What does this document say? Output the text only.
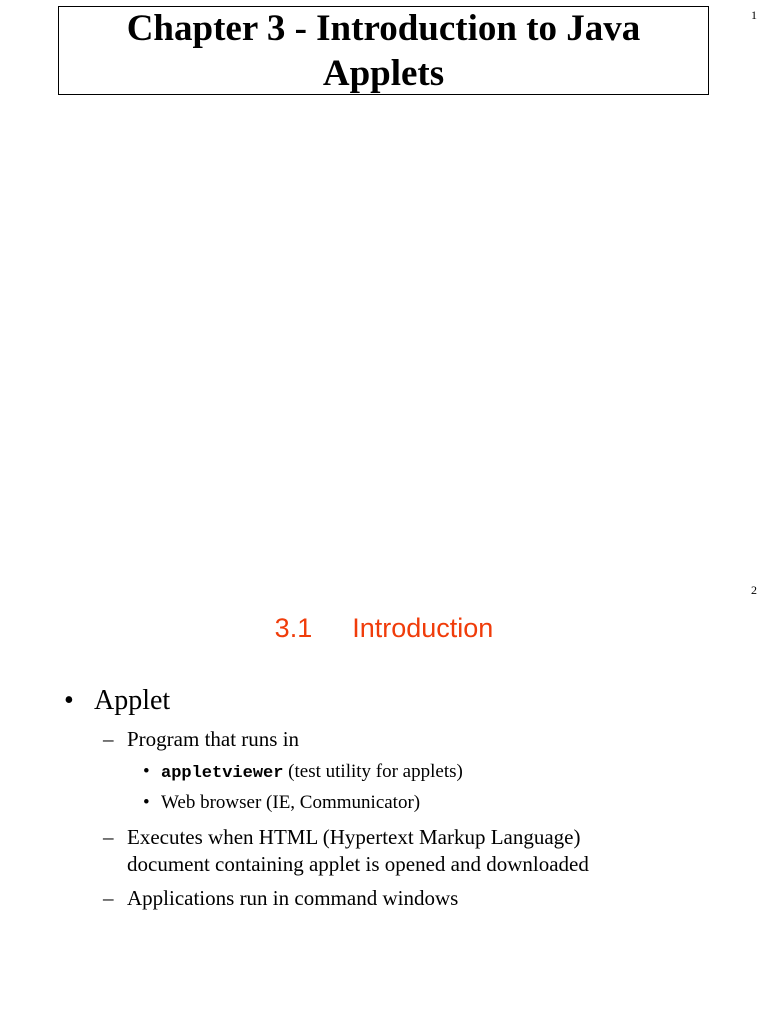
1
Chapter 3 - Introduction to Java Applets
2
3.1 Introduction
• Applet
– Program that runs in
• appletviewer (test utility for applets)
• Web browser (IE, Communicator)
– Executes when HTML (Hypertext Markup Language)
document containing applet is opened and downloaded
– Applications run in command windows
